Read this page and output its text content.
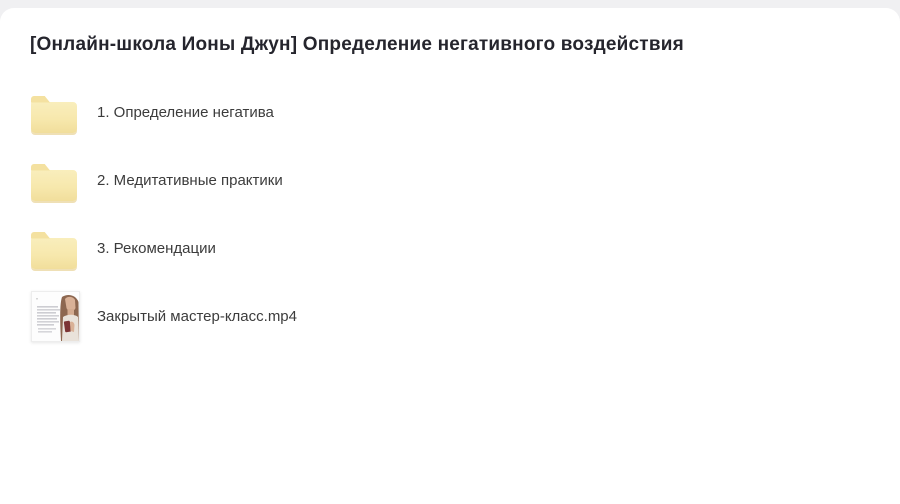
[Онлайн-школа Ионы Джун] Определение негативного воздействия
1. Определение негатива
2. Медитативные практики
3. Рекомендации
Закрытый мастер-класс.mp4
